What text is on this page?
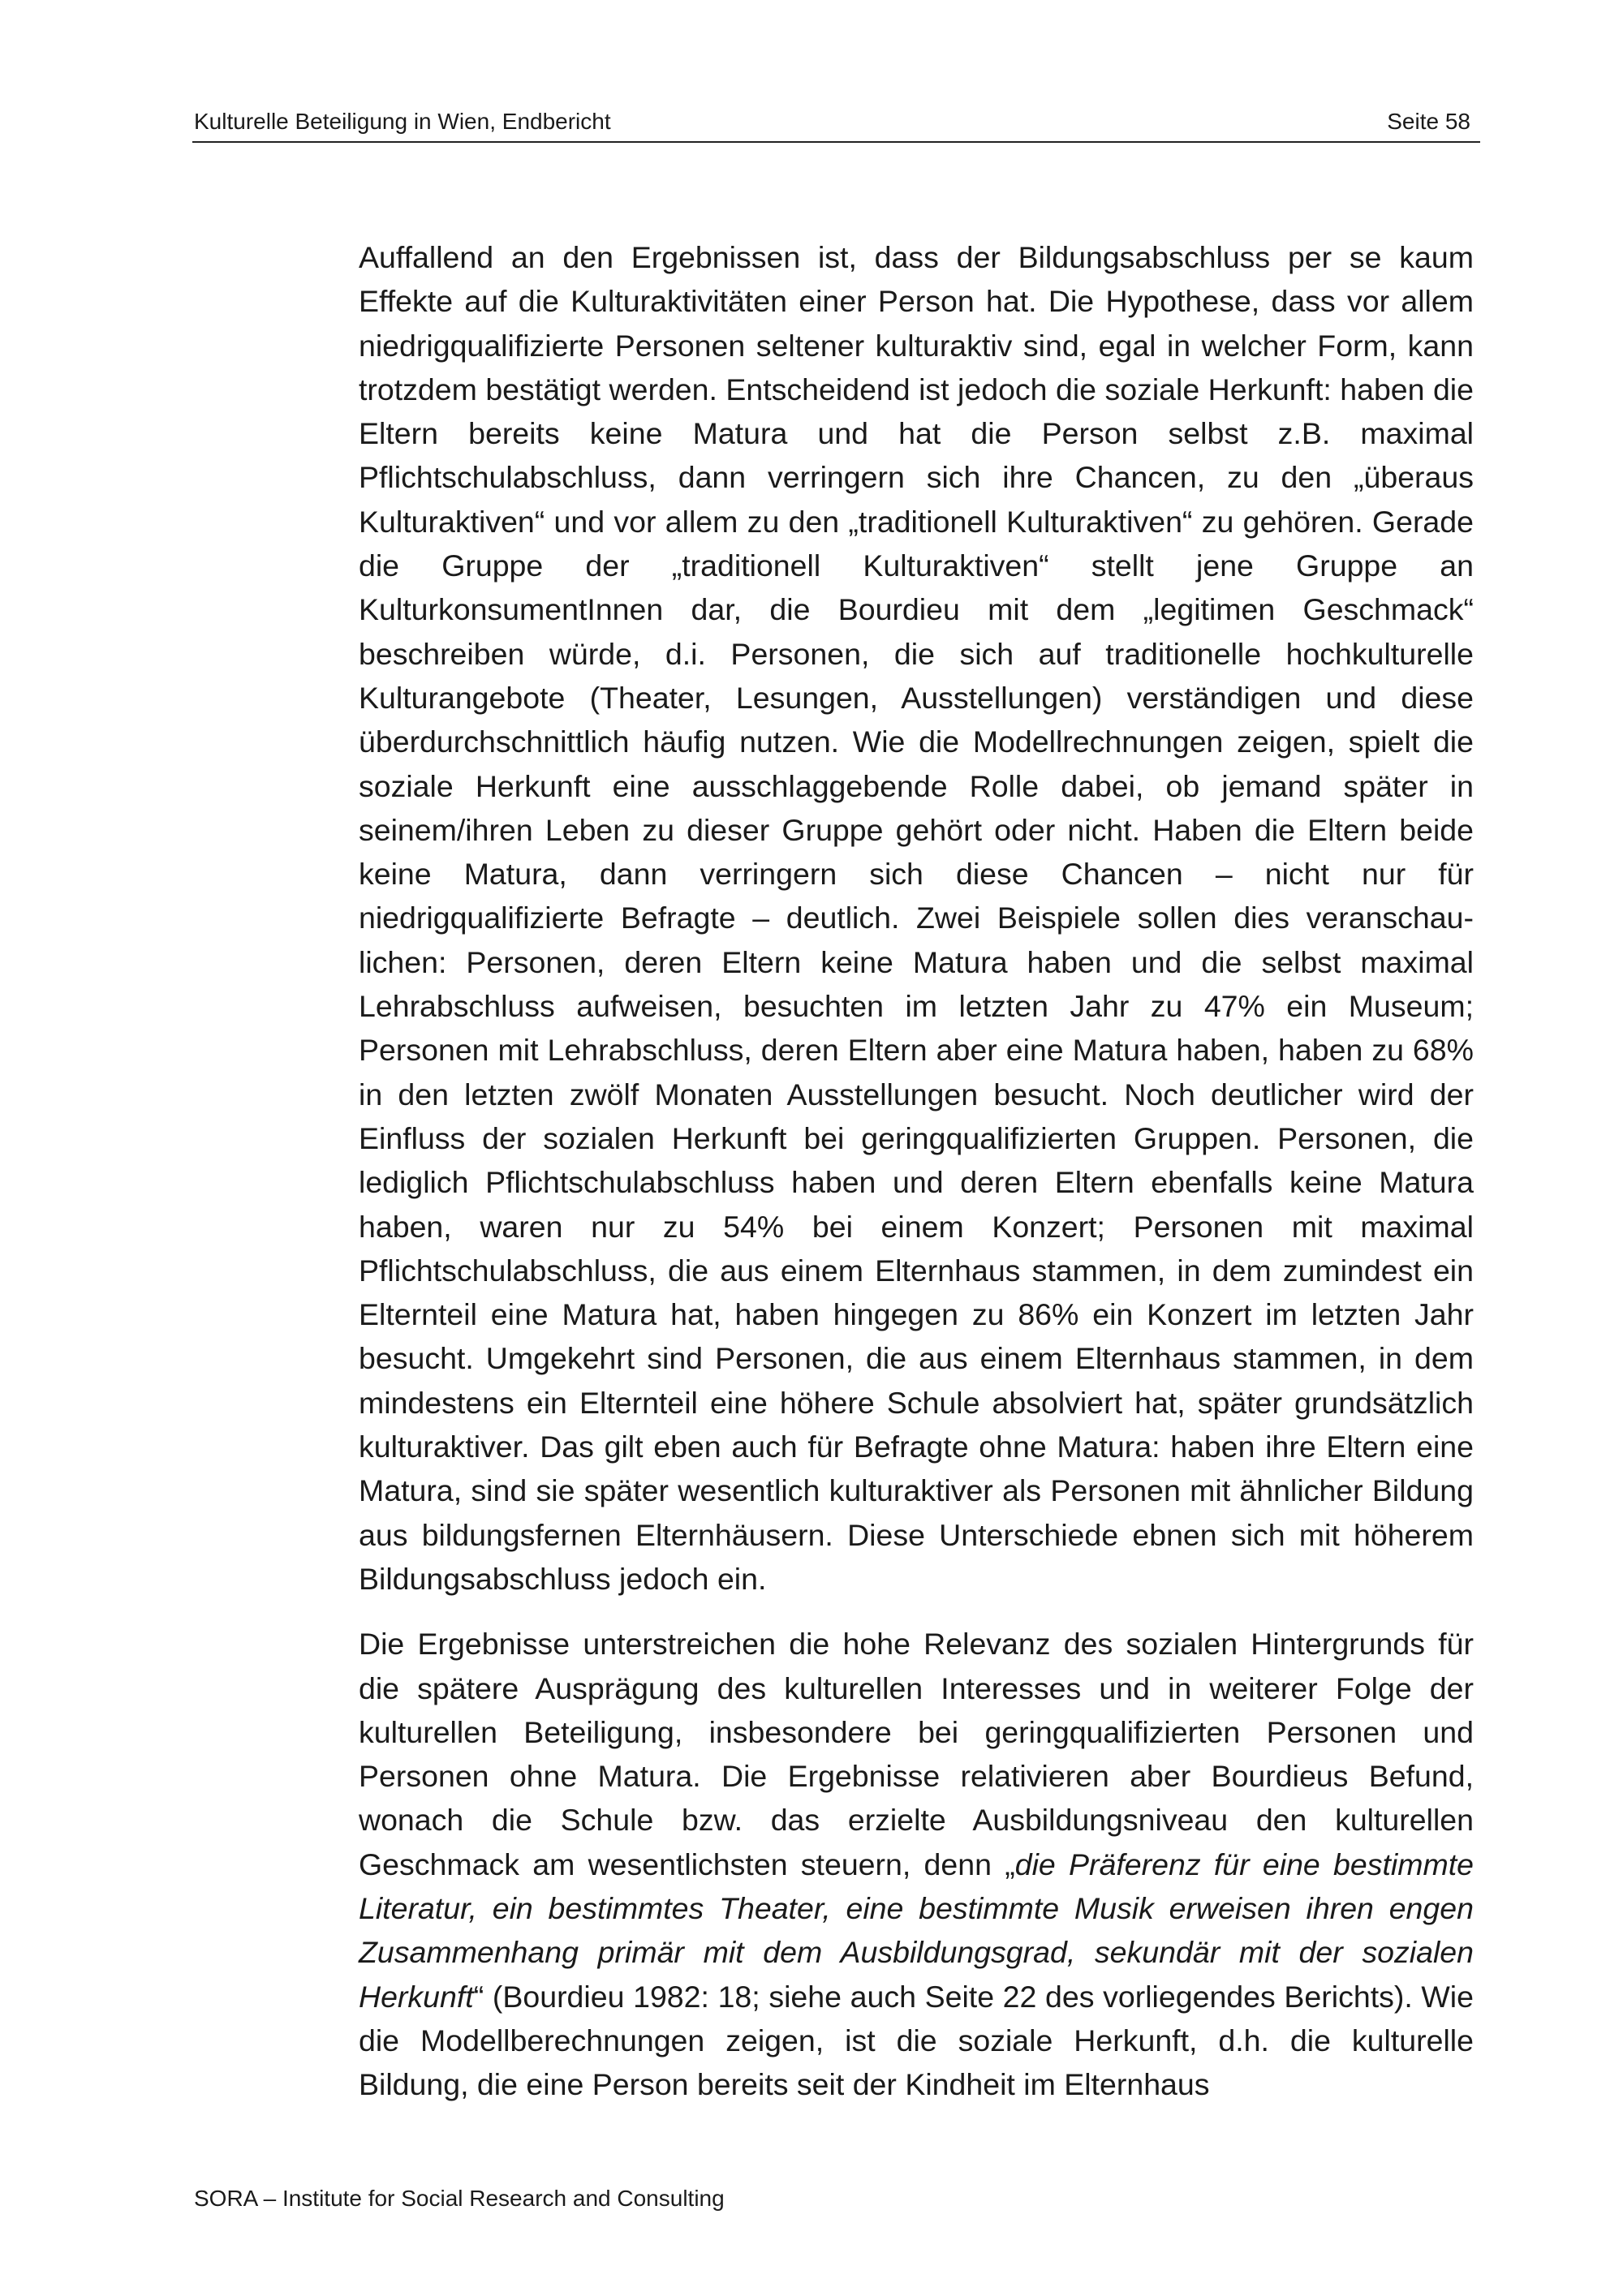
Kulturelle Beteiligung in Wien, Endbericht	Seite 58

Auffallend an den Ergebnissen ist, dass der Bildungsabschluss per se kaum Effekte auf die Kulturaktivitäten einer Person hat. Die Hypothese, dass vor allem niedrigqualifizierte Personen seltener kulturaktiv sind, egal in welcher Form, kann trotzdem bestätigt werden. Entscheidend ist jedoch die soziale Herkunft: haben die Eltern bereits keine Matura und hat die Person selbst z.B. maximal Pflichtschulabschluss, dann verringern sich ihre Chancen, zu den „überaus Kulturaktiven“ und vor allem zu den „traditionell Kulturaktiven“ zu gehören. Gerade die Gruppe der „traditionell Kulturaktiven“ stellt jene Gruppe an KulturkonsumentInnen dar, die Bourdieu mit dem „legitimen Geschmack“ beschreiben würde, d.i. Personen, die sich auf traditionelle hochkulturelle Kulturangebote (Theater, Lesungen, Ausstellungen) verständigen und diese überdurchschnittlich häufig nutzen. Wie die Modellrechnungen zeigen, spielt die soziale Herkunft eine ausschlaggebende Rolle dabei, ob jemand später in seinem/ihren Leben zu dieser Gruppe gehört oder nicht. Haben die Eltern beide keine Matura, dann verringern sich diese Chancen – nicht nur für niedrigqualifizierte Befragte – deutlich. Zwei Beispiele sollen dies veranschaulichen: Personen, deren Eltern keine Matura haben und die selbst maximal Lehrabschluss aufweisen, besuchten im letzten Jahr zu 47% ein Museum; Personen mit Lehrabschluss, deren Eltern aber eine Matura haben, haben zu 68% in den letzten zwölf Monaten Ausstellungen besucht. Noch deutlicher wird der Einfluss der sozialen Herkunft bei geringqualifizierten Gruppen. Personen, die lediglich Pflichtschulabschluss haben und deren Eltern ebenfalls keine Matura haben, waren nur zu 54% bei einem Konzert; Personen mit maximal Pflichtschulabschluss, die aus einem Elternhaus stammen, in dem zumindest ein Elternteil eine Matura hat, haben hingegen zu 86% ein Konzert im letzten Jahr besucht. Umgekehrt sind Personen, die aus einem Elternhaus stammen, in dem mindestens ein Elternteil eine höhere Schule absolviert hat, später grundsätzlich kulturaktiver. Das gilt eben auch für Befragte ohne Matura: haben ihre Eltern eine Matura, sind sie später wesentlich kulturaktiver als Personen mit ähnlicher Bildung aus bildungsfernen Elternhäusern. Diese Unterschiede ebnen sich mit höherem Bildungsabschluss jedoch ein.

Die Ergebnisse unterstreichen die hohe Relevanz des sozialen Hintergrunds für die spätere Ausprägung des kulturellen Interesses und in weiterer Folge der kulturellen Beteiligung, insbesondere bei geringqualifizierten Personen und Personen ohne Matura. Die Ergebnisse relativieren aber Bourdieus Befund, wonach die Schule bzw. das erzielte Ausbildungsniveau den kulturellen Geschmack am wesentlichsten steuern, denn „die Präferenz für eine bestimmte Literatur, ein bestimmtes Theater, eine bestimmte Musik erweisen ihren engen Zusammenhang primär mit dem Ausbildungsgrad, sekundär mit der sozialen Herkunft“ (Bourdieu 1982: 18; siehe auch Seite 22 des vorliegendes Berichts). Wie die Modellberechnungen zeigen, ist die soziale Herkunft, d.h. die kulturelle Bildung, die eine Person bereits seit der Kindheit im Elternhaus

SORA – Institute for Social Research and Consulting
